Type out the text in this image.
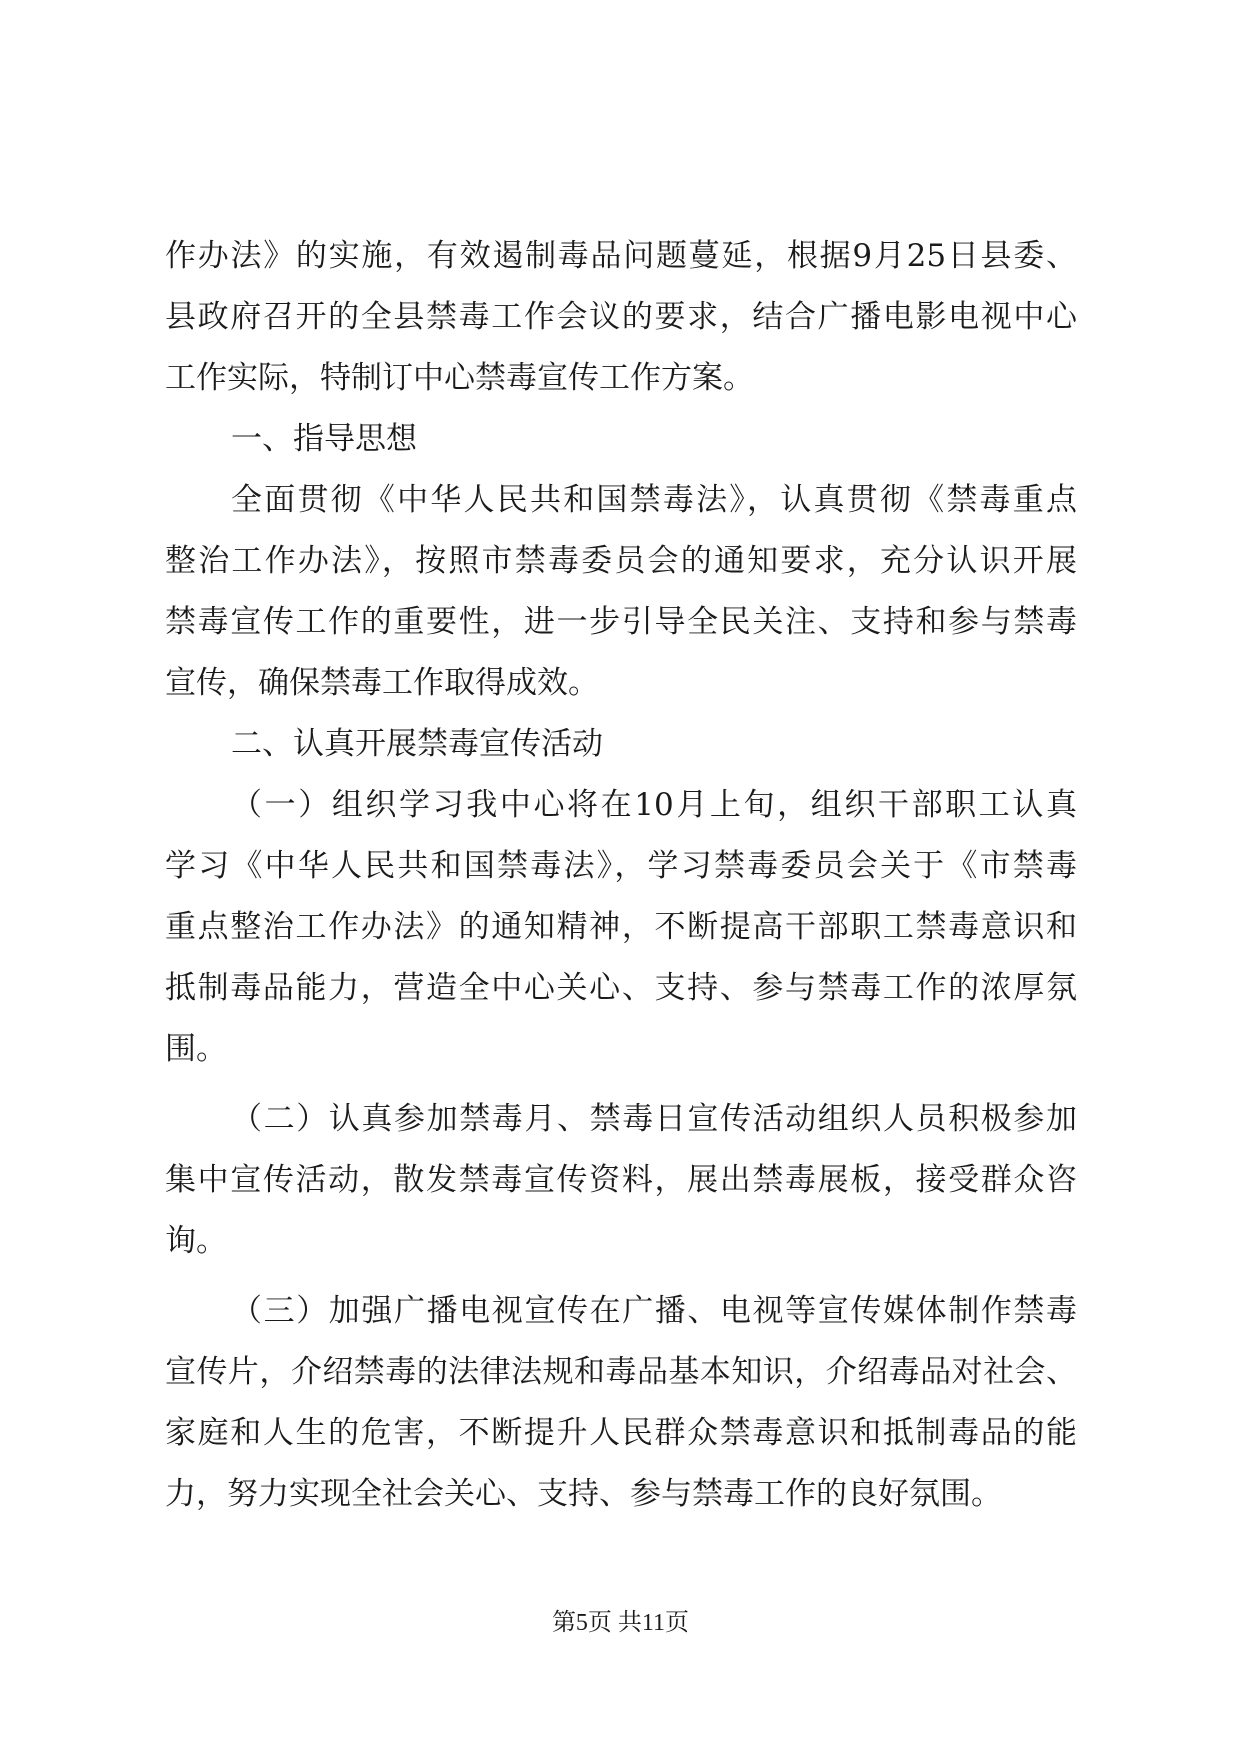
作办法》的实施，有效遏制毒品问题蔓延，根据9月25日县委、
县政府召开的全县禁毒工作会议的要求，结合广播电影电视中心
工作实际，特制订中心禁毒宣传工作方案。
一、指导思想
全面贯彻《中华人民共和国禁毒法》，认真贯彻《禁毒重点
整治工作办法》，按照市禁毒委员会的通知要求，充分认识开展
禁毒宣传工作的重要性，进一步引导全民关注、支持和参与禁毒
宣传，确保禁毒工作取得成效。
二、认真开展禁毒宣传活动
（一）组织学习我中心将在10月上旬，组织干部职工认真
学习《中华人民共和国禁毒法》，学习禁毒委员会关于《市禁毒
重点整治工作办法》的通知精神，不断提高干部职工禁毒意识和
抵制毒品能力，营造全中心关心、支持、参与禁毒工作的浓厚氛
围。
（二）认真参加禁毒月、禁毒日宣传活动组织人员积极参加
集中宣传活动，散发禁毒宣传资料，展出禁毒展板，接受群众咨
询。
（三）加强广播电视宣传在广播、电视等宣传媒体制作禁毒
宣传片，介绍禁毒的法律法规和毒品基本知识，介绍毒品对社会、
家庭和人生的危害，不断提升人民群众禁毒意识和抵制毒品的能
力，努力实现全社会关心、支持、参与禁毒工作的良好氛围。
第5页 共11页
